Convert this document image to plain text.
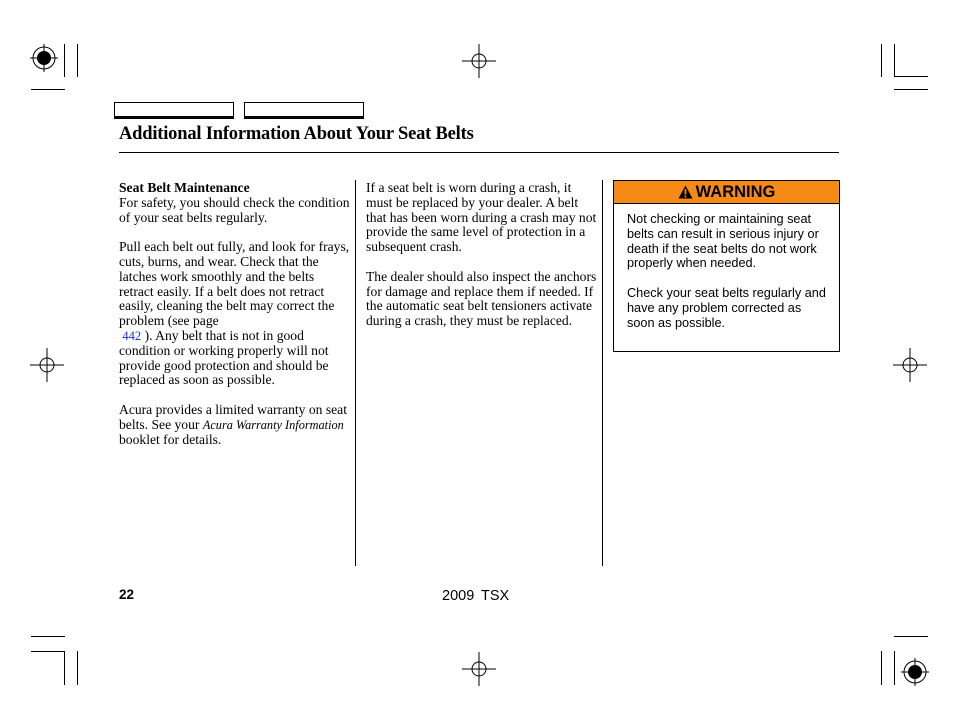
Additional Information About Your Seat Belts
Seat Belt Maintenance

For safety, you should check the condition of your seat belts regularly.

Pull each belt out fully, and look for frays, cuts, burns, and wear. Check that the latches work smoothly and the belts retract easily. If a belt does not retract easily, cleaning the belt may correct the problem (see page
442 ). Any belt that is not in good condition or working properly will not provide good protection and should be replaced as soon as possible.

Acura provides a limited warranty on seat belts. See your Acura Warranty Information booklet for details.

If a seat belt is worn during a crash, it must be replaced by your dealer. A belt that has been worn during a crash may not provide the same level of protection in a subsequent crash.

The dealer should also inspect the anchors for damage and replace them if needed. If the automatic seat belt tensioners activate during a crash, they must be replaced.

WARNING

Not checking or maintaining seat belts can result in serious injury or death if the seat belts do not work properly when needed.

Check your seat belts regularly and have any problem corrected as soon as possible.

22	2009 TSX
